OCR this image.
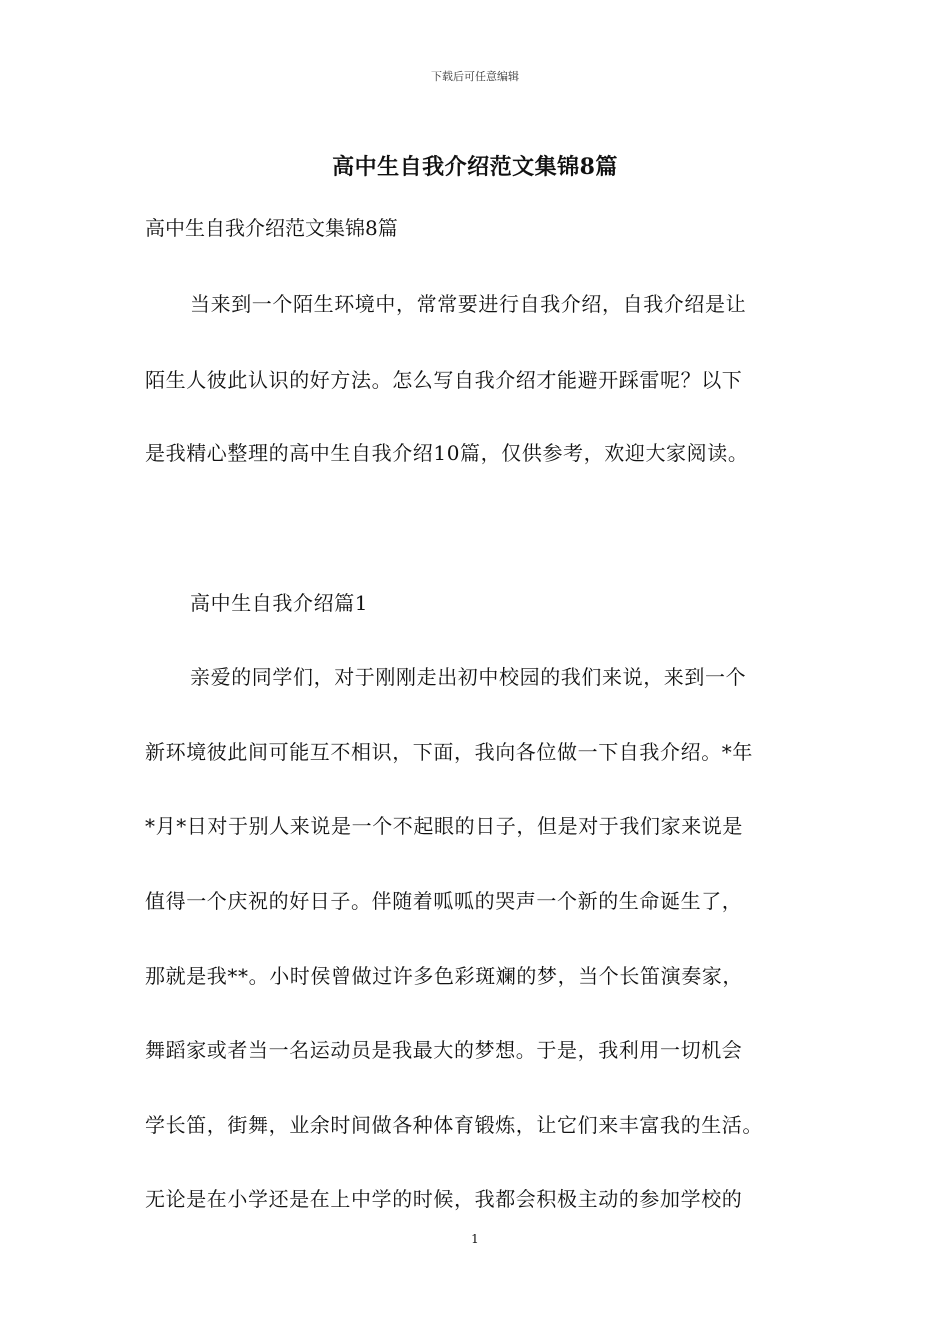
下载后可任意编辑
高中生自我介绍范文集锦8篇
高中生自我介绍范文集锦8篇
当来到一个陌生环境中，常常要进行自我介绍，自我介绍是让
陌生人彼此认识的好方法。怎么写自我介绍才能避开踩雷呢？以下
是我精心整理的高中生自我介绍10篇，仅供参考，欢迎大家阅读。
高中生自我介绍篇1
亲爱的同学们，对于刚刚走出初中校园的我们来说，来到一个
新环境彼此间可能互不相识，下面，我向各位做一下自我介绍。*年
*月*日对于别人来说是一个不起眼的日子，但是对于我们家来说是
值得一个庆祝的好日子。伴随着呱呱的哭声一个新的生命诞生了，
那就是我**。小时侯曾做过许多色彩斑斓的梦，当个长笛演奏家，
舞蹈家或者当一名运动员是我最大的梦想。于是，我利用一切机会
学长笛，街舞，业余时间做各种体育锻炼，让它们来丰富我的生活。
无论是在小学还是在上中学的时候，我都会积极主动的参加学校的
1
